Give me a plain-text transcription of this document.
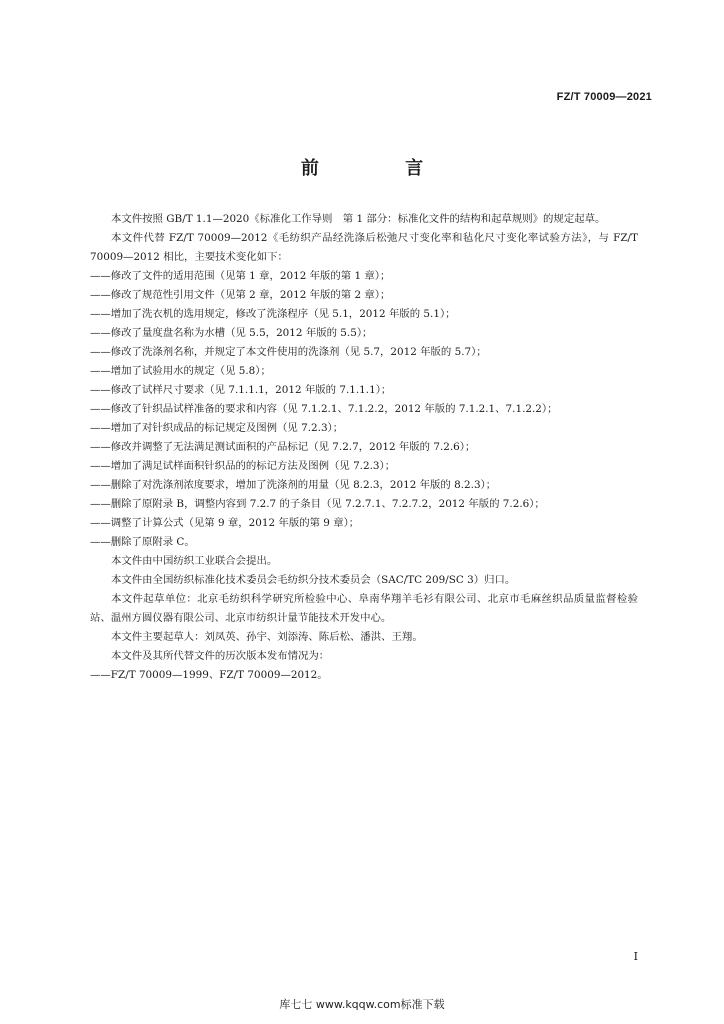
FZ/T 70009—2021
前 言

本文件按照 GB/T 1.1—2020《标准化工作导则　第 1 部分：标准化文件的结构和起草规则》的规定起草。

本文件代替 FZ/T 70009—2012《毛纺织产品经洗涤后松弛尺寸变化率和毡化尺寸变化率试验方法》，与 FZ/T 70009—2012 相比，主要技术变化如下：

——修改了文件的适用范围（见第 1 章，2012 年版的第 1 章）；

——修改了规范性引用文件（见第 2 章，2012 年版的第 2 章）；

——增加了洗衣机的选用规定，修改了洗涤程序（见 5.1，2012 年版的 5.1）；

——修改了量度盘名称为水槽（见 5.5，2012 年版的 5.5）；

——修改了洗涤剂名称，并规定了本文件使用的洗涤剂（见 5.7，2012 年版的 5.7）；

——增加了试验用水的规定（见 5.8）；

——修改了试样尺寸要求（见 7.1.1.1，2012 年版的 7.1.1.1）；

——修改了针织品试样准备的要求和内容（见 7.1.2.1、7.1.2.2，2012 年版的 7.1.2.1、7.1.2.2）；

——增加了对针织成品的标记规定及图例（见 7.2.3）；

——修改并调整了无法满足测试面积的产品标记（见 7.2.7，2012 年版的 7.2.6）；

——增加了满足试样面积针织品的的标记方法及图例（见 7.2.3）；

——删除了对洗涤剂浓度要求，增加了洗涤剂的用量（见 8.2.3，2012 年版的 8.2.3）；

——删除了原附录 B，调整内容到 7.2.7 的子条目（见 7.2.7.1、7.2.7.2，2012 年版的 7.2.6）；

——调整了计算公式（见第 9 章，2012 年版的第 9 章）；

——删除了原附录 C。

本文件由中国纺织工业联合会提出。

本文件由全国纺织标准化技术委员会毛纺织分技术委员会（SAC/TC 209/SC 3）归口。

本文件起草单位：北京毛纺织科学研究所检验中心、阜南华翔羊毛衫有限公司、北京市毛麻丝织品质量监督检验站、温州方圆仪器有限公司、北京市纺织计量节能技术开发中心。

本文件主要起草人：刘凤英、孙宇、刘添涛、陈后松、潘洪、王翔。

本文件及其所代替文件的历次版本发布情况为：

——FZ/T 70009—1999、FZ/T 70009—2012。

I
库七七 www.kqqw.com标准下载
